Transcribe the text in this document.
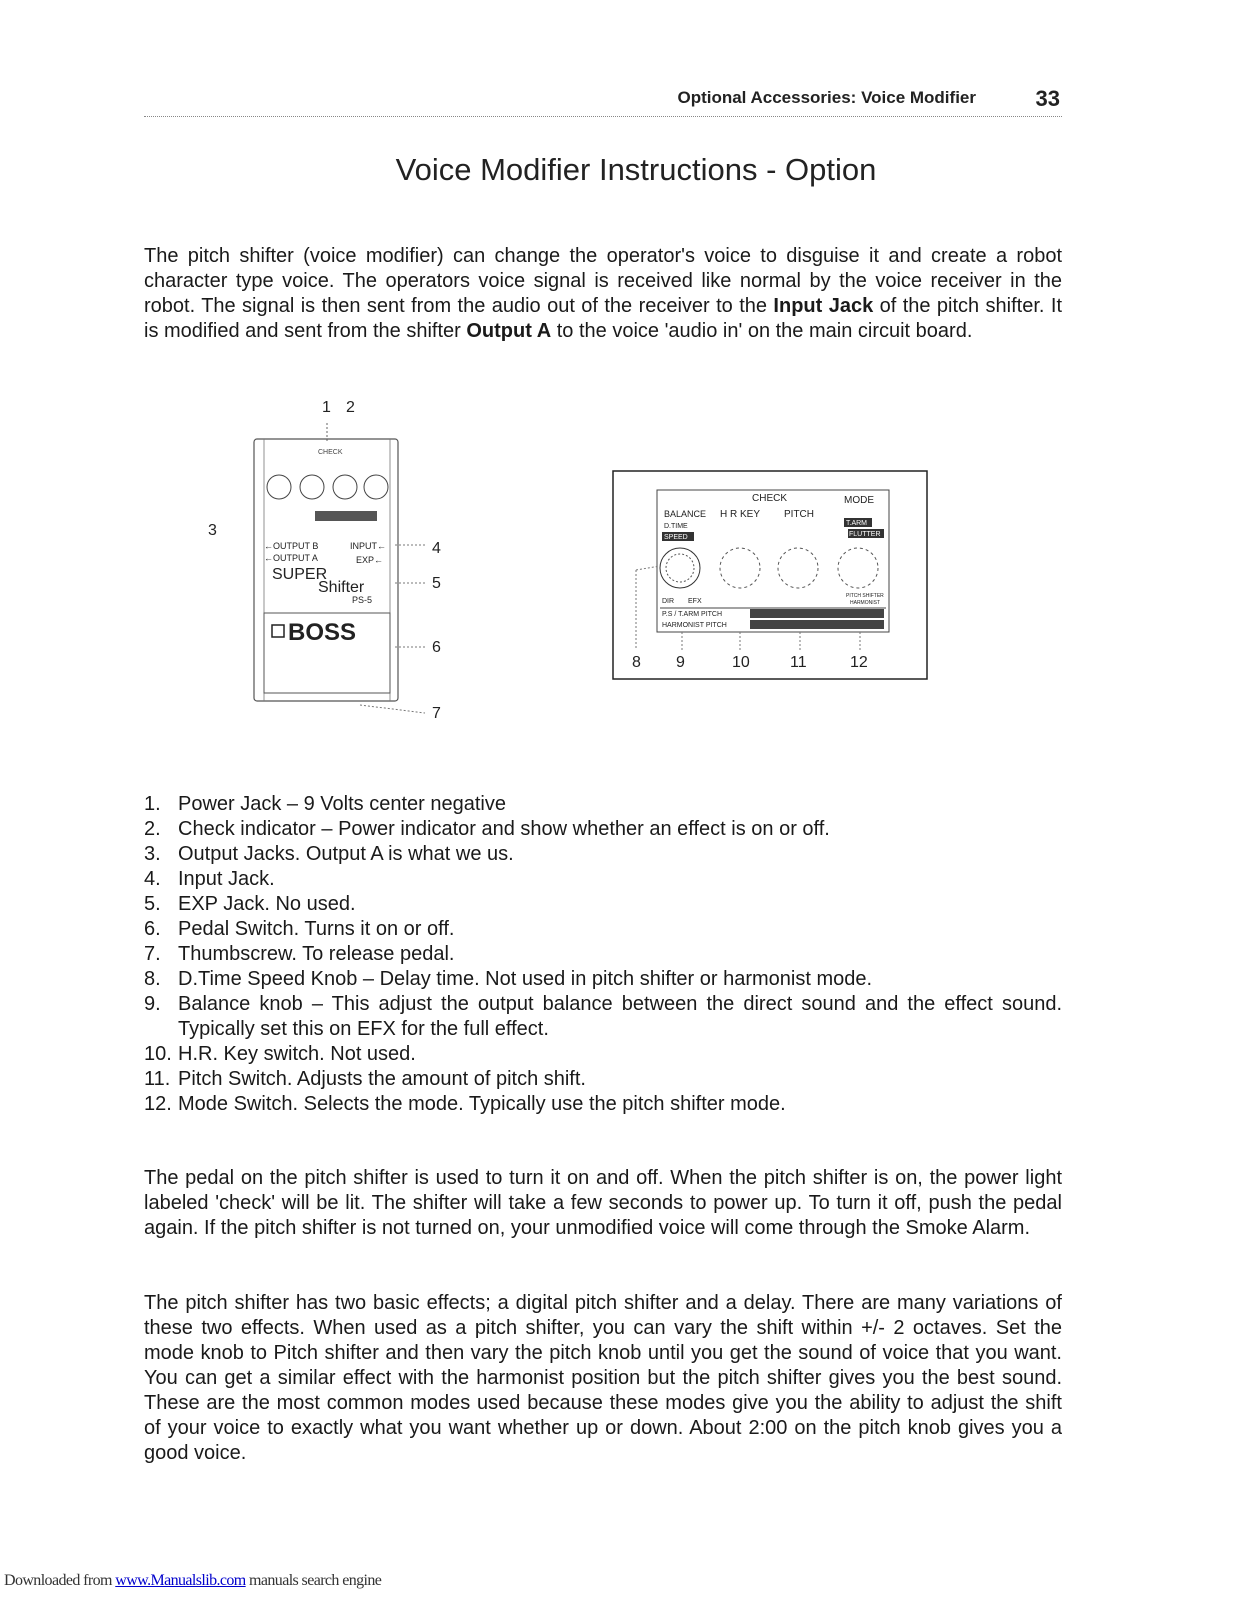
Optional Accessories: Voice Modifier	33
Voice Modifier Instructions - Option
The pitch shifter (voice modifier) can change the operator's voice to disguise it and create a robot character type voice. The operators voice signal is received like normal by the voice receiver in the robot. The signal is then sent from the audio out of the receiver to the Input Jack of the pitch shifter. It is modified and sent from the shifter Output A to the voice 'audio in' on the main circuit board.
1 2
3
4
5
6
7
CHECK
←OUTPUT B
←OUTPUT A
INPUT←
EXP←
SUPER
Shifter
PS-5
BOSS
CHECK	MODE
BALANCE H R KEY PITCH
D.TIME
SPEED
T.ARM
FLUTTER
DIR EFX
PITCH SHIFTER
HARMONIST
P.S / T.ARM PITCH
HARMONIST PITCH
8 9	10	11	12
1. Power Jack – 9 Volts center negative
2. Check indicator – Power indicator and show whether an effect is on or off.
3. Output Jacks. Output A is what we us.
4. Input Jack.
5. EXP Jack. No used.
6. Pedal Switch. Turns it on or off.
7. Thumbscrew. To release pedal.
8. D.Time Speed Knob – Delay time. Not used in pitch shifter or harmonist mode.
9. Balance knob – This adjust the output balance between the direct sound and the effect sound. Typically set this on EFX for the full effect.
10. H.R. Key switch. Not used.
11. Pitch Switch. Adjusts the amount of pitch shift.
12. Mode Switch. Selects the mode. Typically use the pitch shifter mode.
The pedal on the pitch shifter is used to turn it on and off. When the pitch shifter is on, the power light labeled 'check' will be lit. The shifter will take a few seconds to power up. To turn it off, push the pedal again. If the pitch shifter is not turned on, your unmodified voice will come through the Smoke Alarm.
The pitch shifter has two basic effects; a digital pitch shifter and a delay. There are many variations of these two effects. When used as a pitch shifter, you can vary the shift within +/- 2 octaves. Set the mode knob to Pitch shifter and then vary the pitch knob until you get the sound of voice that you want. You can get a similar effect with the harmonist position but the pitch shifter gives you the best sound. These are the most common modes used because these modes give you the ability to adjust the shift of your voice to exactly what you want whether up or down. About 2:00 on the pitch knob gives you a good voice.
Downloaded from www.Manualslib.com manuals search engine
